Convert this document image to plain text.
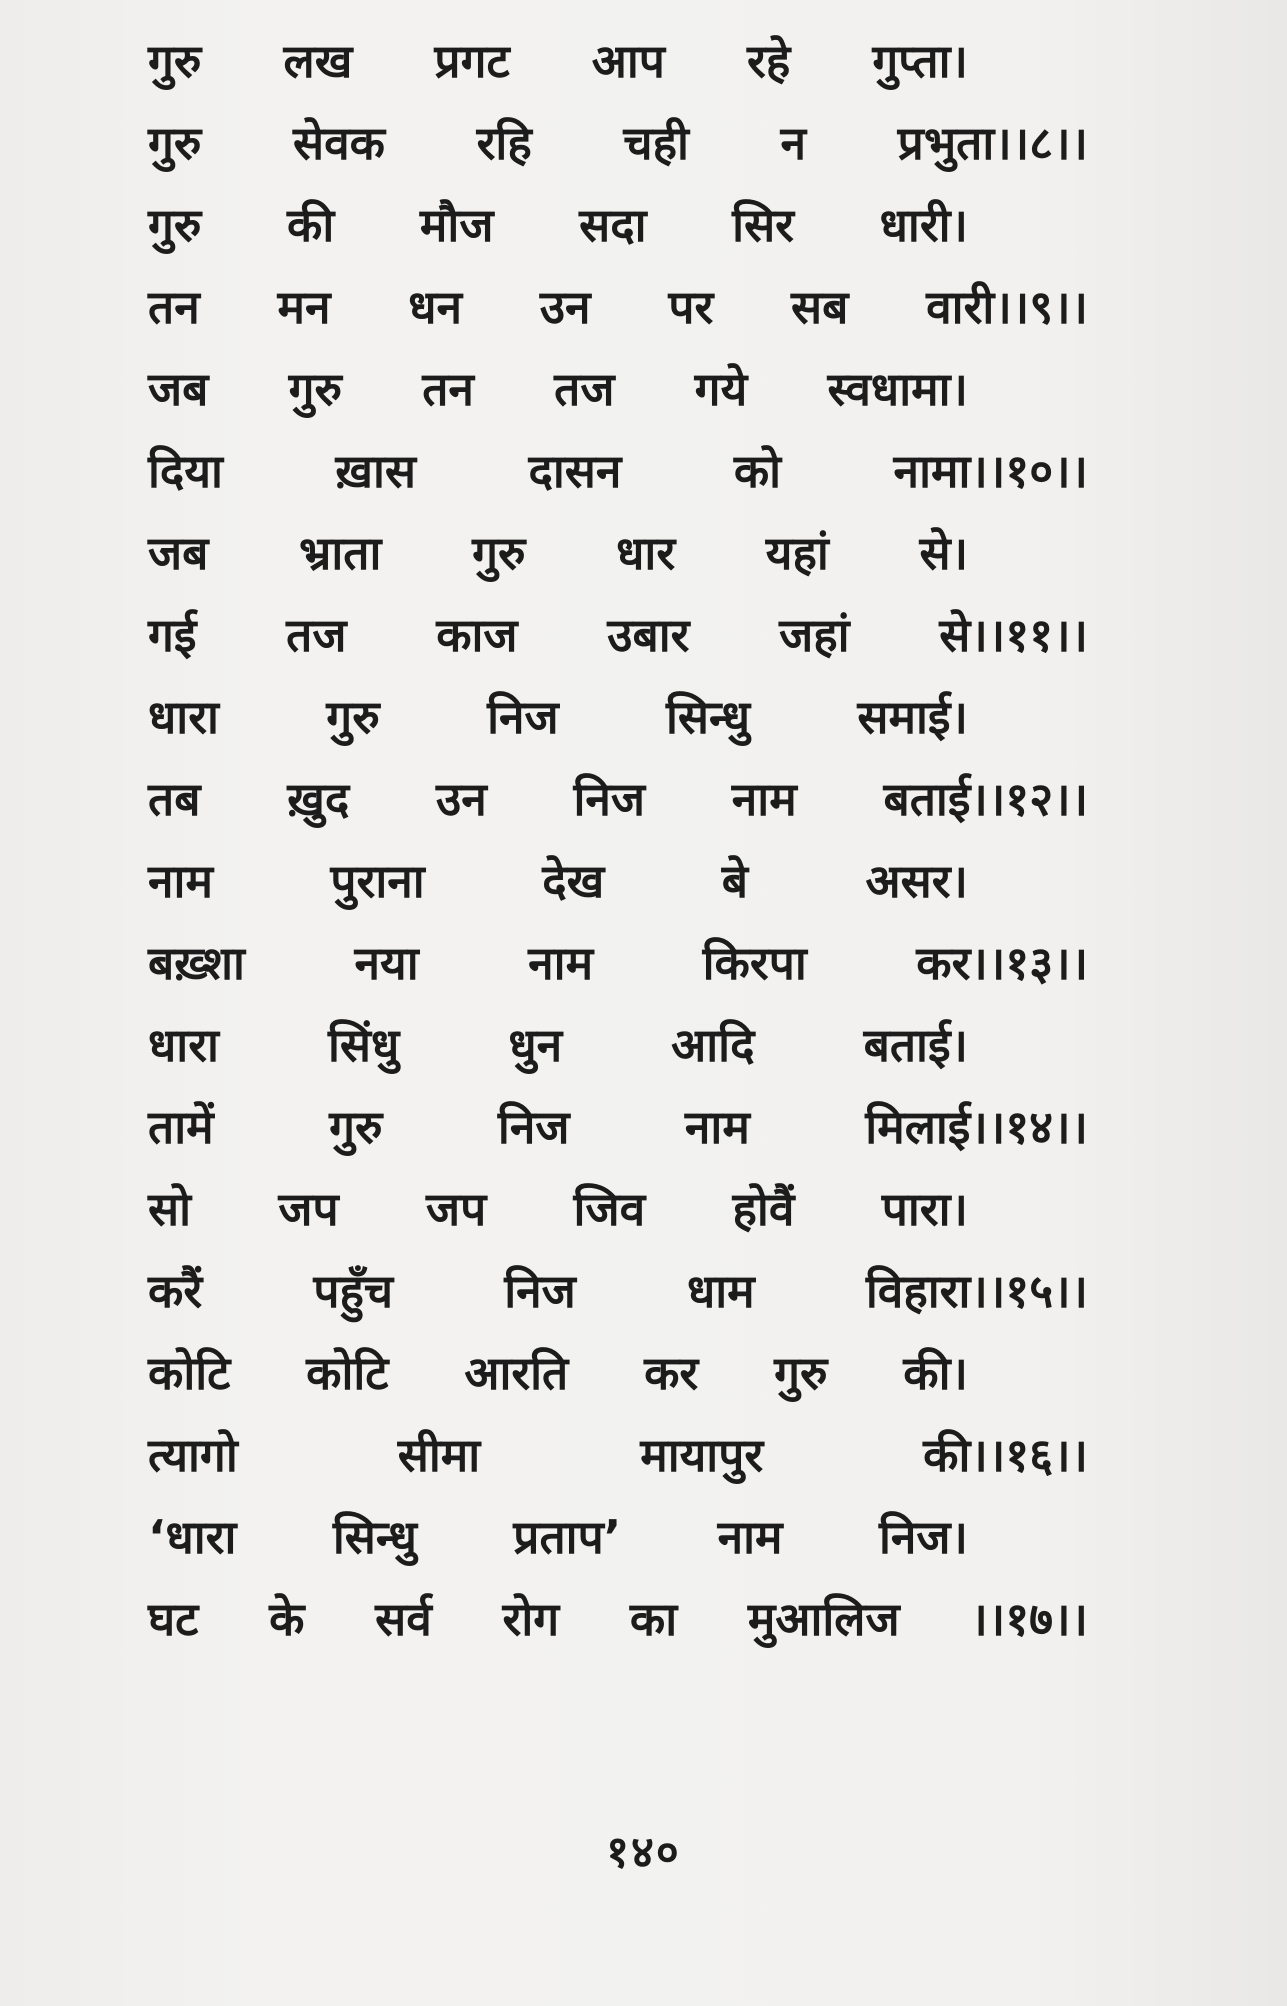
गुरु लख प्रगट आप रहे गुप्ता।
गुरु सेवक रहि चही न प्रभुता।।८।।
गुरु की मौज सदा सिर धारी।
तन मन धन उन पर सब वारी।।९।।
जब गुरु तन तज गये स्वधामा।
दिया ख़ास दासन को नामा।।१०।।
जब भ्राता गुरु धार यहां से।
गई तज काज उबार जहां से।।११।।
धारा गुरु निज सिन्धु समाई।
तब ख़ुद उन निज नाम बताई।।१२।।
नाम	पुराना	देख	बे	असर।
बख़्शा नया नाम किरपा कर।।१३।।
धारा सिंधु धुन आदि बताई।
तामें	गुरु	निज	नाम	मिलाई।।१४।।
सो जप जप जिव होवैं पारा।
करैं पहुँच निज धाम विहारा।।१५।।
कोटि कोटि आरति कर गुरु की।
त्यागो	सीमा	मायापुर	की।।१६।।
‘धारा सिन्धु प्रताप’ नाम निज।
घट के सर्व रोग का मुआलिज ।।१७।।
१४०
